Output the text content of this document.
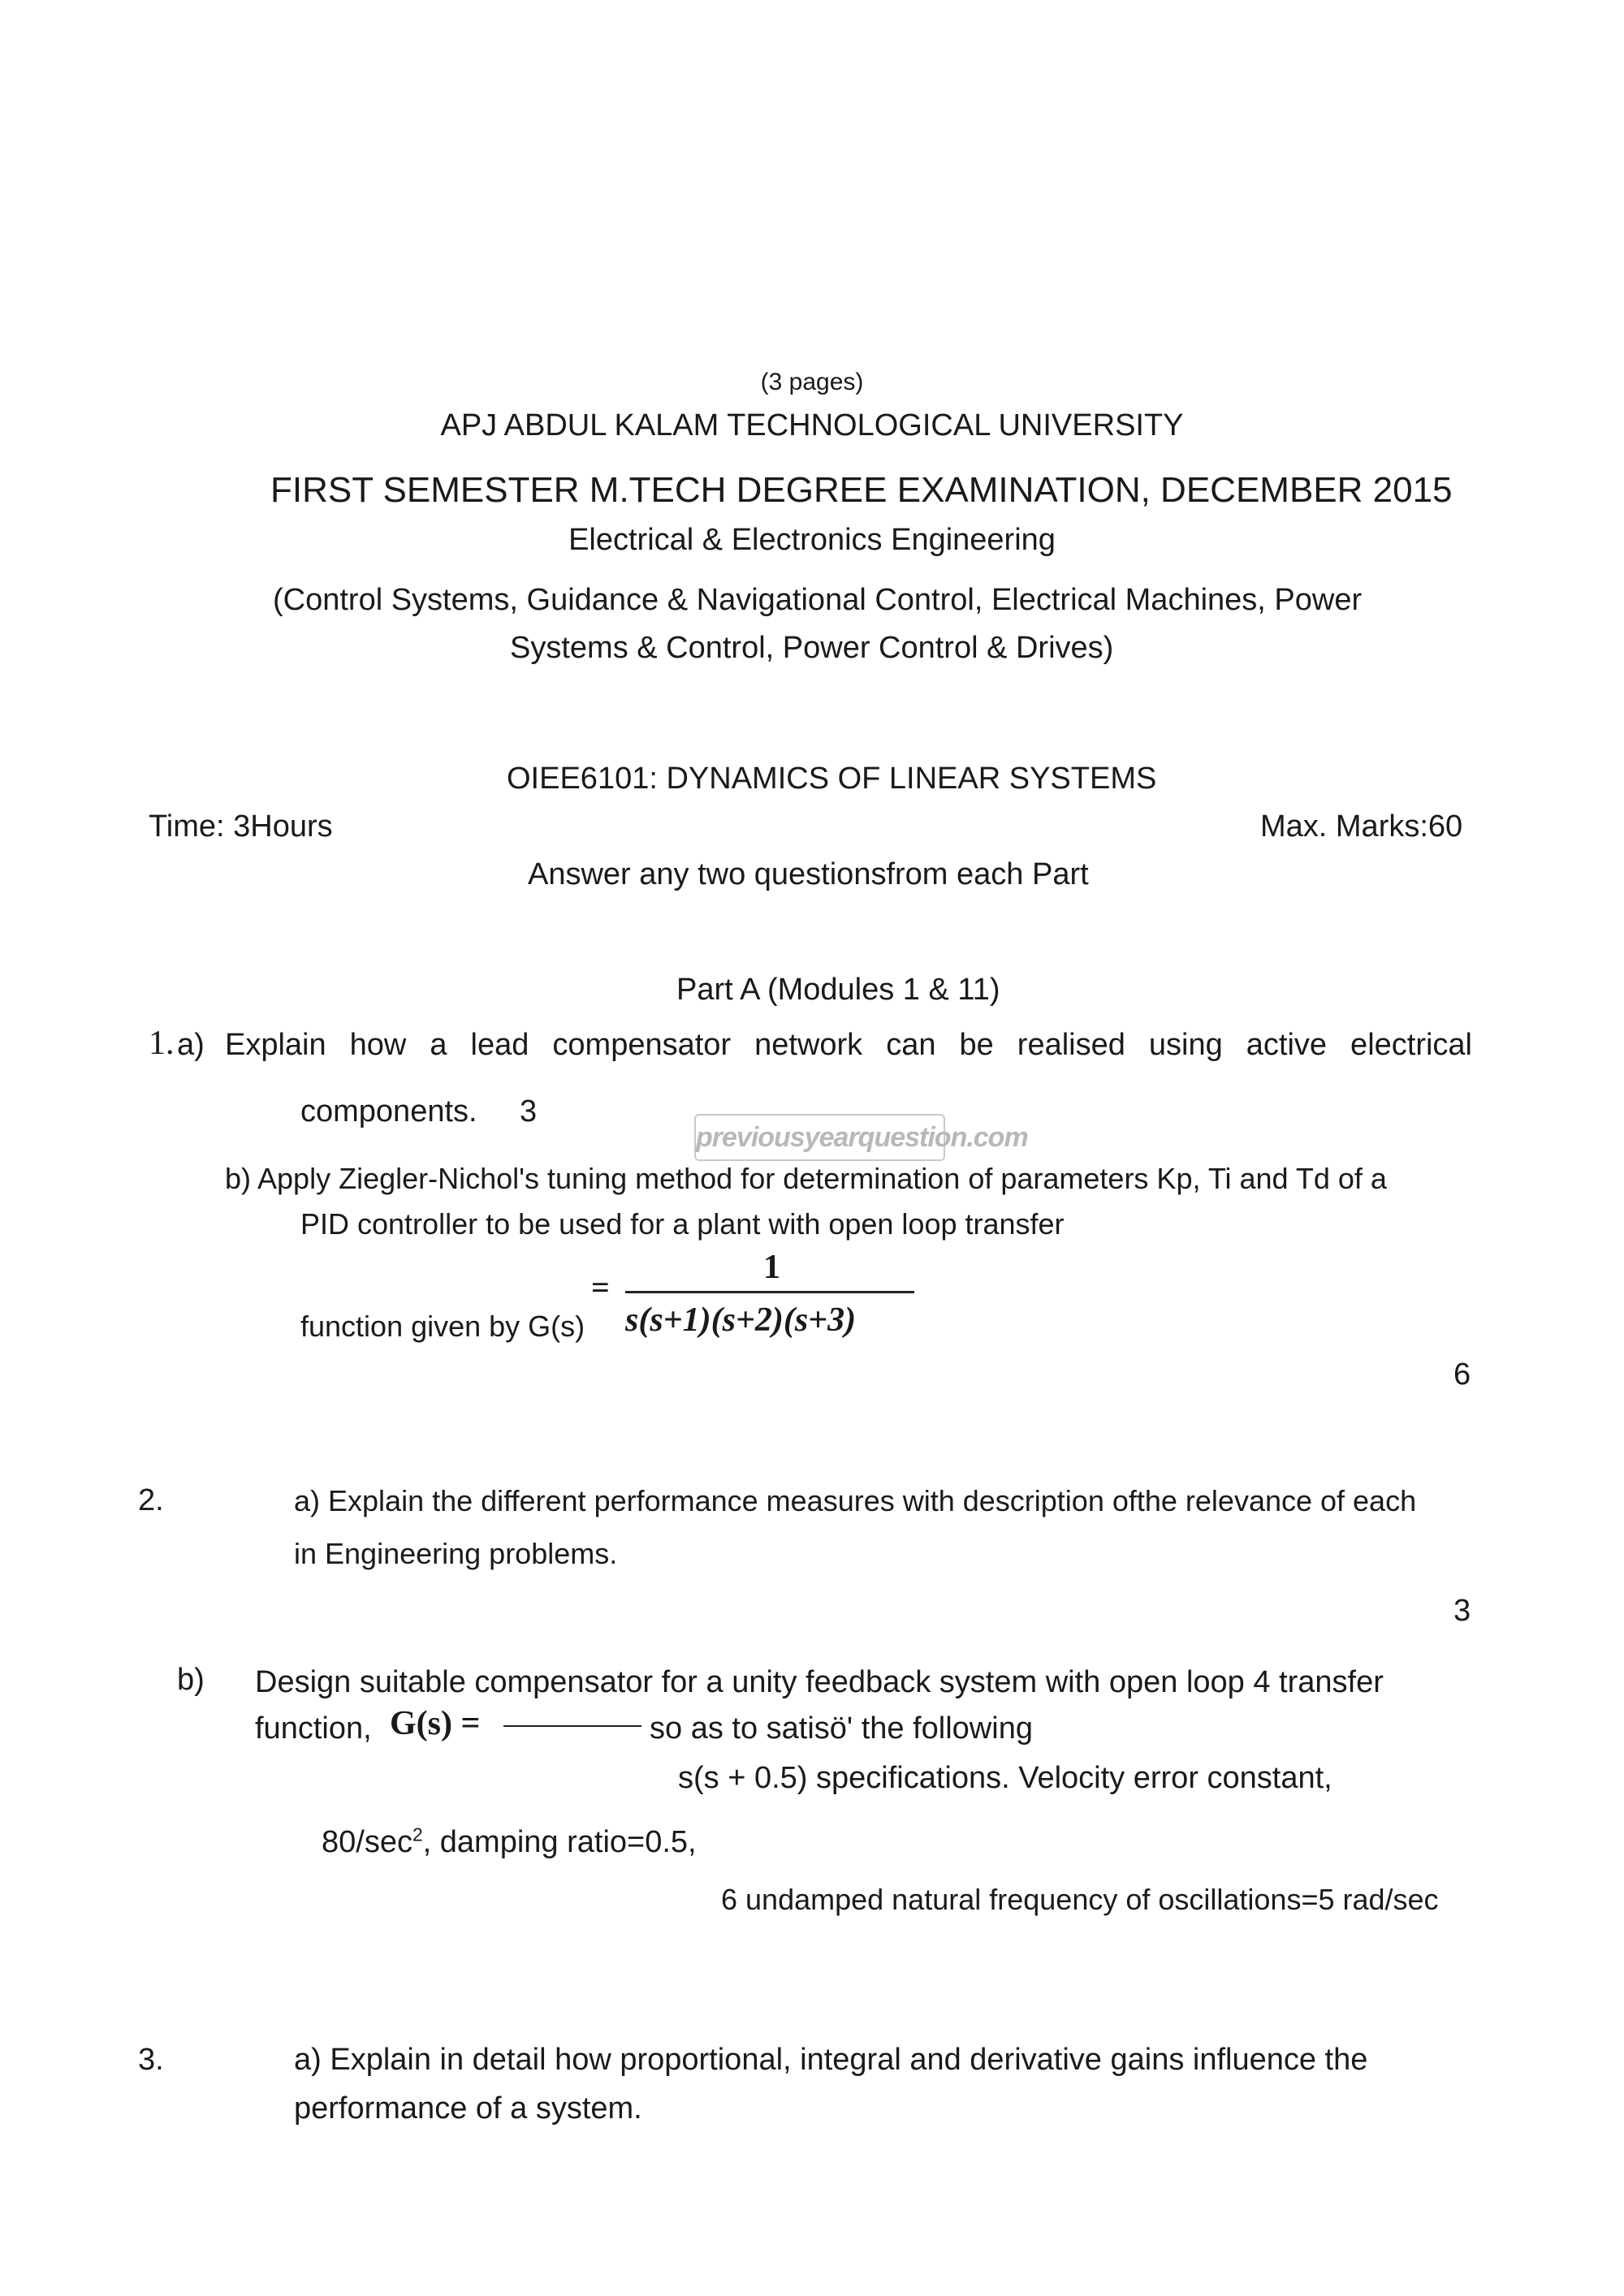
(3 pages)
APJ ABDUL KALAM TECHNOLOGICAL UNIVERSITY
FIRST SEMESTER M.TECH DEGREE EXAMINATION, DECEMBER 2015
Electrical & Electronics Engineering
(Control Systems, Guidance & Navigational Control, Electrical Machines, Power
Systems & Control, Power Control & Drives)
OIEE6101: DYNAMICS OF LINEAR SYSTEMS
Time: 3Hours	Max. Marks:60
Answer any two questionsfrom each Part
Part A (Modules 1 & 11)
1. a) Explain how a lead compensator network can be realised using active electrical
components. 3
previousyearquestion.com
b) Apply Ziegler-Nichol's tuning method for determination of parameters Kp, Ti and Td of a
PID controller to be used for a plant with open loop transfer
function given by G(s)
=
1
s(s+1)(s+2)(s+3)
6
2.	a) Explain the different performance measures with description ofthe relevance of each
in Engineering problems.
3
b) Design suitable compensator for a unity feedback system with open loop 4 transfer
function, G(s) =	so as to satisö' the following
s(s + 0.5) specifications. Velocity error constant,
$80/\sec^2$, damping ratio=0.5,
6 undamped natural frequency of oscillations=5 rad/sec
3.	a) Explain in detail how proportional, integral and derivative gains influence the
performance of a system.
